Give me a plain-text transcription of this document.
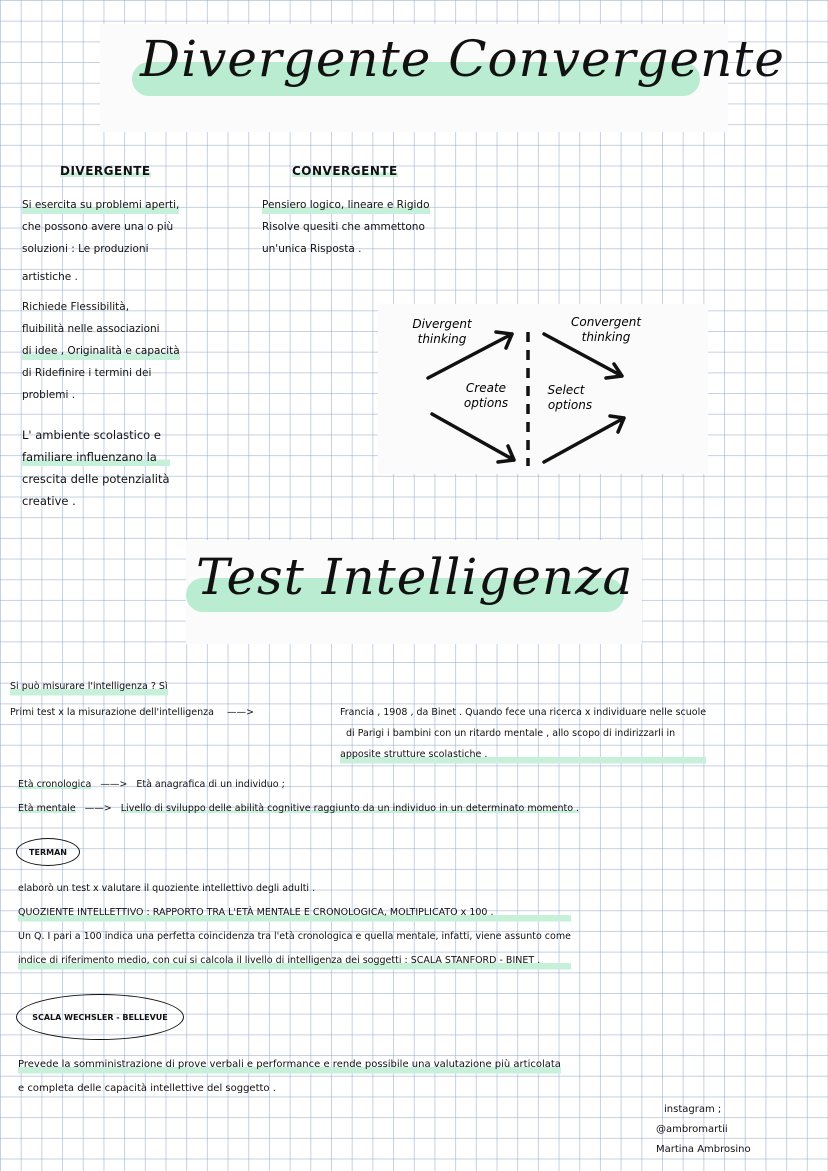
Divergente Convergente
DIVERGENTE
Si esercita su problemi aperti,
che possono avere una o più
soluzioni : Le produzioni
artistiche .
Richiede Flessibilità,
fluibilità nelle associazioni
di idee , Originalità e capacità
di Ridefinire i termini dei
problemi .
L' ambiente scolastico e
familiare influenzano la
crescita delle potenzialità
creative .
CONVERGENTE
Pensiero logico, lineare e Rigido
Risolve quesiti che ammettono
un'unica Risposta .
Divergent
thinking
Convergent
thinking
Create
options
Select
options
Test Intelligenza
Si può misurare l'intelligenza ? Sì
Primi test x la misurazione dell'intelligenza ——>	Francia , 1908 , da Binet . Quando fece una ricerca x individuare nelle scuole
di Parigi i bambini con un ritardo mentale , allo scopo di indirizzarli in
apposite strutture scolastiche .
Età cronologica ——> Età anagrafica di un individuo ;
Età mentale ——> Livello di sviluppo delle abilità cognitive raggiunto da un individuo in un determinato momento .
TERMAN
elaborò un test x valutare il quoziente intellettivo degli adulti .
QUOZIENTE INTELLETTIVO : RAPPORTO TRA L'ETÀ MENTALE E CRONOLOGICA, MOLTIPLICATO x 100 .
Un Q. I pari a 100 indica una perfetta coincidenza tra l'età cronologica e quella mentale, infatti, viene assunto come
indice di riferimento medio, con cui si calcola il livello di intelligenza dei soggetti : SCALA STANFORD - BINET .
SCALA WECHSLER - BELLEVUE
Prevede la somministrazione di prove verbali e performance e rende possibile una valutazione più articolata
e completa delle capacità intellettive del soggetto .
instagram ;
@ambromartii
Martina Ambrosino
